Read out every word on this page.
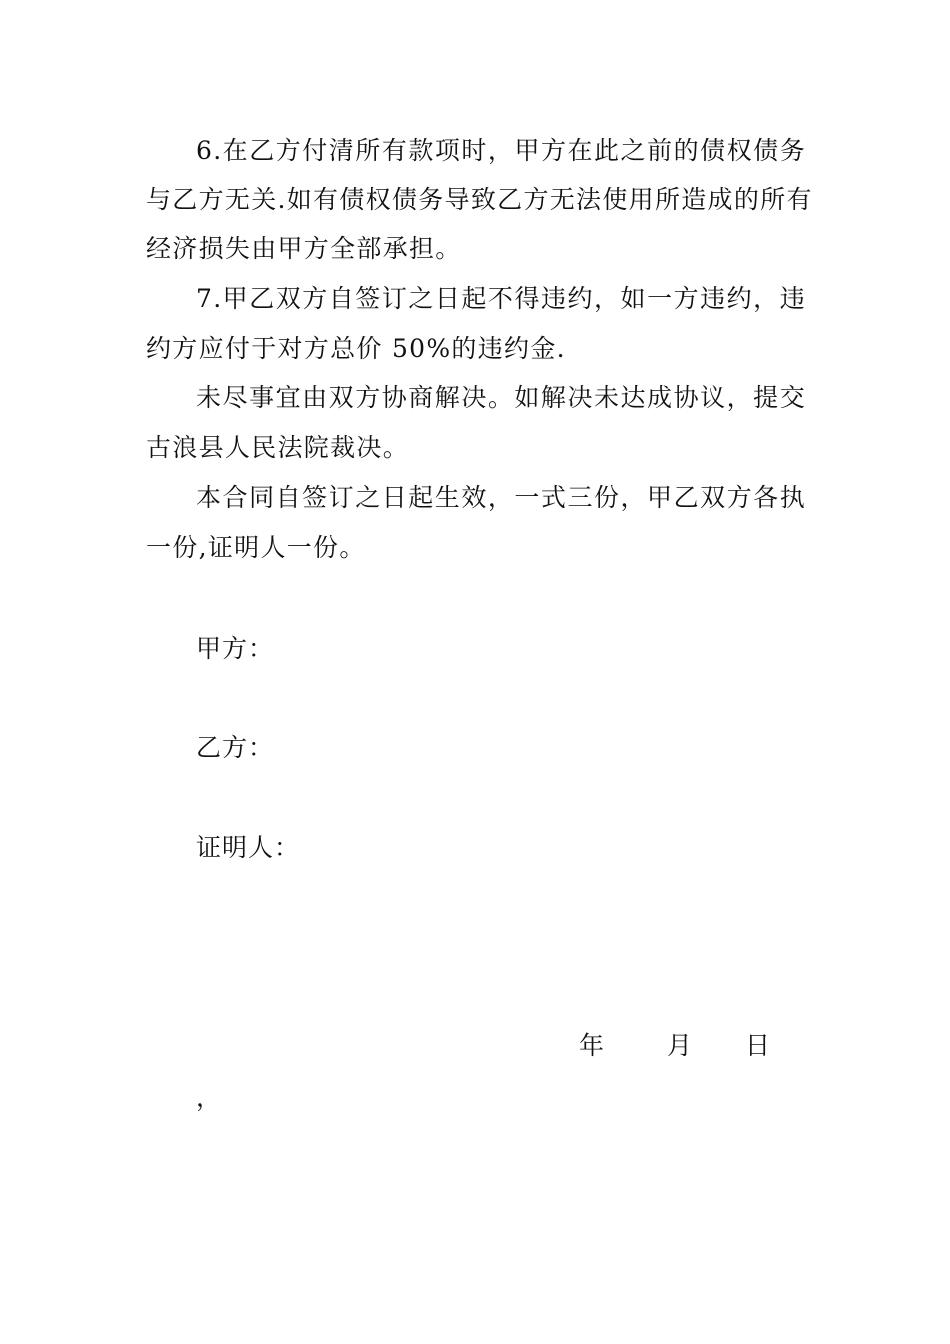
6.在乙方付清所有款项时，甲方在此之前的债权债务
与乙方无关.如有债权债务导致乙方无法使用所造成的所有
经济损失由甲方全部承担。
7.甲乙双方自签订之日起不得违约，如一方违约，违
约方应付于对方总价 50%的违约金.
未尽事宜由双方协商解决。如解决未达成协议，提交
古浪县人民法院裁决。
本合同自签订之日起生效，一式三份，甲乙双方各执
一份,证明人一份。
甲方：
乙方：
证明人：
年	月 日
，
